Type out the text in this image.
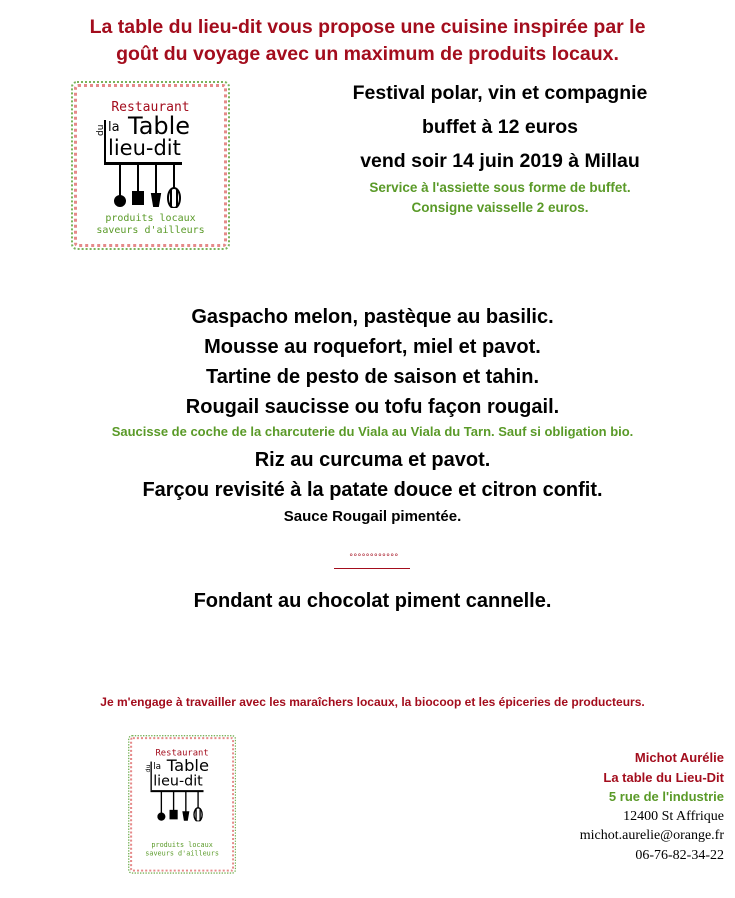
La table du lieu-dit vous propose une cuisine inspirée par le
goût du voyage avec un maximum de produits locaux.
Restaurant
du la Table
lieu-dit
produits locaux
saveurs d'ailleurs
Festival polar, vin et compagnie
buffet à 12 euros
vend soir 14 juin 2019 à Millau
Service à l'assiette sous forme de buffet.
Consigne vaisselle 2 euros.
Gaspacho melon, pastèque au basilic.
Mousse au roquefort, miel et pavot.
Tartine de pesto de saison et tahin.
Rougail saucisse ou tofu façon rougail.
Saucisse de coche de la charcuterie du Viala au Viala du Tarn. Sauf si obligation bio.
Riz au curcuma et pavot.
Farçou revisité à la patate douce et citron confit.
Sauce Rougail pimentée.
°°°°°°°°°°°°
Fondant au chocolat piment cannelle.
Je m'engage à travailler avec les maraîchers locaux, la biocoop et les épiceries de producteurs.
Restaurant
du la Table
lieu-dit
produits locaux
saveurs d'ailleurs
Michot Aurélie
La table du Lieu-Dit
5 rue de l'industrie
12400 St Affrique
michot.aurelie@orange.fr
06-76-82-34-22
